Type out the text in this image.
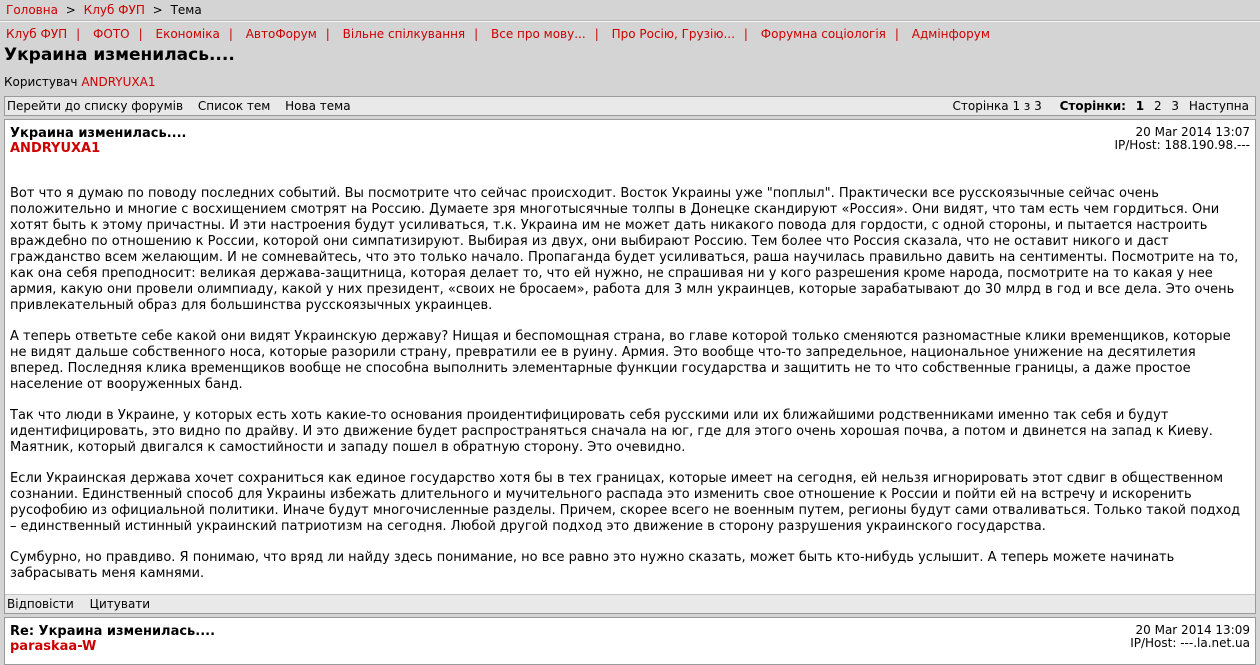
Головна > Клуб ФУП > Тема
Клуб ФУП | ФОТО | Економіка | АвтоФорум | Вільне спілкування | Все про мову... | Про Росію, Грузію... | Форумна соціологія | Адмінфорум
Украина изменилась....
Користувач ANDRYUXA1
Перейти до списку форумів Список тем Нова тема	Сторінка 1 з 3 Сторінки: 1 2 3 Наступна
Украина изменилась....
ANDRYUXA1
20 Mar 2014 13:07
IP/Host: 188.190.98.---

Вот что я думаю по поводу последних событий. Вы посмотрите что сейчас происходит. Восток Украины уже "поплыл". Практически все русскоязычные сейчас очень положительно и многие с восхищением смотрят на Россию. Думаете зря многотысячные толпы в Донецке скандируют «Россия». Они видят, что там есть чем гордиться. Они хотят быть к этому причастны. И эти настроения будут усиливаться, т.к. Украина им не может дать никакого повода для гордости, с одной стороны, и пытается настроить враждебно по отношению к России, которой они симпатизируют. Выбирая из двух, они выбирают Россию. Тем более что Россия сказала, что не оставит никого и даст гражданство всем желающим. И не сомневайтесь, что это только начало. Пропаганда будет усиливаться, раша научилась правильно давить на сентименты. Посмотрите на то, как она себя преподносит: великая держава-защитница, которая делает то, что ей нужно, не спрашивая ни у кого разрешения кроме народа, посмотрите на то какая у нее армия, какую они провели олимпиаду, какой у них президент, «своих не бросаем», работа для 3 млн украинцев, которые зарабатывают до 30 млрд в год и все дела. Это очень привлекательный образ для большинства русскоязычных украинцев.

А теперь ответьте себе какой они видят Украинскую державу? Нищая и беспомощная страна, во главе которой только сменяются разномастные клики временщиков, которые не видят дальше собственного носа, которые разорили страну, превратили ее в руину. Армия. Это вообще что-то запредельное, национальное унижение на десятилетия вперед. Последняя клика временщиков вообще не способна выполнить элементарные функции государства и защитить не то что собственные границы, а даже простое население от вооруженных банд.

Так что люди в Украине, у которых есть хоть какие-то основания проидентифицировать себя русскими или их ближайшими родственниками именно так себя и будут идентифицировать, это видно по драйву. И это движение будет распространяться сначала на юг, где для этого очень хорошая почва, а потом и двинется на запад к Киеву. Маятник, который двигался к самостийности и западу пошел в обратную сторону. Это очевидно.

Если Украинская держава хочет сохраниться как единое государство хотя бы в тех границах, которые имеет на сегодня, ей нельзя игнорировать этот сдвиг в общественном сознании. Единственный способ для Украины избежать длительного и мучительного распада это изменить свое отношение к России и пойти ей на встречу и искоренить русофобию из официальной политики. Иначе будут многочисленные разделы. Причем, скорее всего не военным путем, регионы будут сами отваливаться. Только такой подход – единственный истинный украинский патриотизм на сегодня. Любой другой подход это движение в сторону разрушения украинского государства.

Сумбурно, но правдиво. Я понимаю, что вряд ли найду здесь понимание, но все равно это нужно сказать, может быть кто-нибудь услышит. А теперь можете начинать забрасывать меня камнями.

Відповісти Цитувати
Re: Украина изменилась....
paraskaa-W
20 Mar 2014 13:09
IP/Host: ---.la.net.ua
